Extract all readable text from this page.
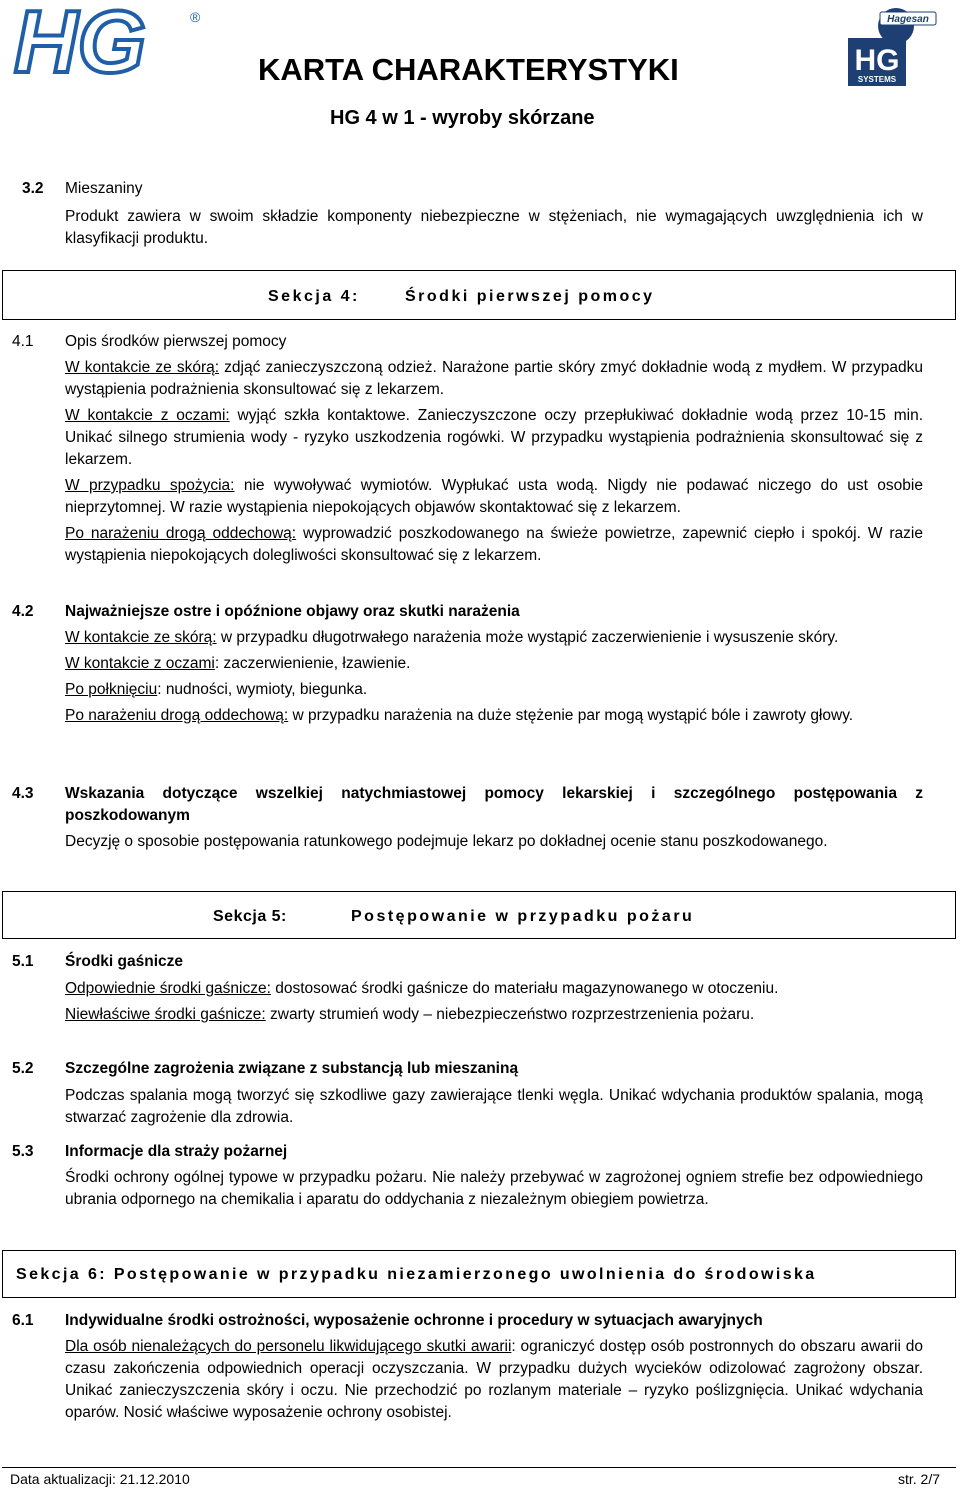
HG	®	Hagesan
HG
SYSTEMS
KARTA CHARAKTERYSTYKI
HG 4 w 1 - wyroby skórzane
3.2 Mieszaniny

Produkt zawiera w swoim składzie komponenty niebezpieczne w stężeniach, nie wymagających uwzględnienia ich w klasyfikacji produktu.

Sekcja 4:	Środki pierwszej pomocy
4.1 Opis środków pierwszej pomocy

W kontakcie ze skórą: zdjąć zanieczyszczoną odzież. Narażone partie skóry zmyć dokładnie wodą z mydłem. W przypadku wystąpienia podrażnienia skonsultować się z lekarzem.

W kontakcie z oczami: wyjąć szkła kontaktowe. Zanieczyszczone oczy przepłukiwać dokładnie wodą przez 10-15 min. Unikać silnego strumienia wody - ryzyko uszkodzenia rogówki. W przypadku wystąpienia podrażnienia skonsultować się z lekarzem.

W przypadku spożycia: nie wywoływać wymiotów. Wypłukać usta wodą. Nigdy nie podawać niczego do ust osobie nieprzytomnej. W razie wystąpienia niepokojących objawów skontaktować się z lekarzem.

Po narażeniu drogą oddechową: wyprowadzić poszkodowanego na świeże powietrze, zapewnić ciepło i spokój. W razie wystąpienia niepokojących dolegliwości skonsultować się z lekarzem.

4.2 Najważniejsze ostre i opóźnione objawy oraz skutki narażenia

W kontakcie ze skórą: w przypadku długotrwałego narażenia może wystąpić zaczerwienienie i wysuszenie skóry.

W kontakcie z oczami: zaczerwienienie, łzawienie.

Po połknięciu: nudności, wymioty, biegunka.

Po narażeniu drogą oddechową: w przypadku narażenia na duże stężenie par mogą wystąpić bóle i zawroty głowy.

4.3 Wskazania dotyczące wszelkiej natychmiastowej pomocy lekarskiej i szczególnego postępowania z poszkodowanym

Decyzję o sposobie postępowania ratunkowego podejmuje lekarz po dokładnej ocenie stanu poszkodowanego.

Sekcja 5:	Postępowanie w przypadku pożaru
5.1 Środki gaśnicze

Odpowiednie środki gaśnicze: dostosować środki gaśnicze do materiału magazynowanego w otoczeniu.

Niewłaściwe środki gaśnicze: zwarty strumień wody – niebezpieczeństwo rozprzestrzenienia pożaru.

5.2 Szczególne zagrożenia związane z substancją lub mieszaniną

Podczas spalania mogą tworzyć się szkodliwe gazy zawierające tlenki węgla. Unikać wdychania produktów spalania, mogą stwarzać zagrożenie dla zdrowia.

5.3 Informacje dla straży pożarnej

Środki ochrony ogólnej typowe w przypadku pożaru. Nie należy przebywać w zagrożonej ogniem strefie bez odpowiedniego ubrania odpornego na chemikalia i aparatu do oddychania z niezależnym obiegiem powietrza.

Sekcja 6: Postępowanie w przypadku niezamierzonego uwolnienia do środowiska
6.1 Indywidualne środki ostrożności, wyposażenie ochronne i procedury w sytuacjach awaryjnych

Dla osób nienależących do personelu likwidującego skutki awarii: ograniczyć dostęp osób postronnych do obszaru awarii do czasu zakończenia odpowiednich operacji oczyszczania. W przypadku dużych wycieków odizolować zagrożony obszar. Unikać zanieczyszczenia skóry i oczu. Nie przechodzić po rozlanym materiale – ryzyko poślizgnięcia. Unikać wdychania oparów. Nosić właściwe wyposażenie ochrony osobistej.

Data aktualizacji: 21.12.2010	str. 2/7
